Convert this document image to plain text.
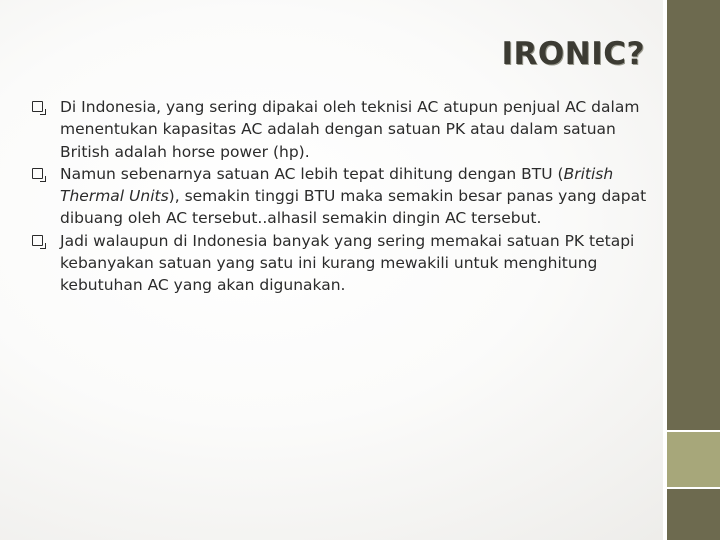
IRONIC?
Di Indonesia, yang sering dipakai oleh teknisi AC atupun penjual AC dalam menentukan kapasitas AC adalah dengan satuan PK atau dalam satuan British adalah horse power (hp).
Namun sebenarnya satuan AC lebih tepat dihitung dengan BTU (British Thermal Units), semakin tinggi BTU maka semakin besar panas yang dapat dibuang oleh AC tersebut..alhasil semakin dingin AC tersebut.
Jadi walaupun di Indonesia banyak yang sering memakai satuan PK tetapi kebanyakan satuan yang satu ini kurang mewakili untuk menghitung kebutuhan AC yang akan digunakan.
